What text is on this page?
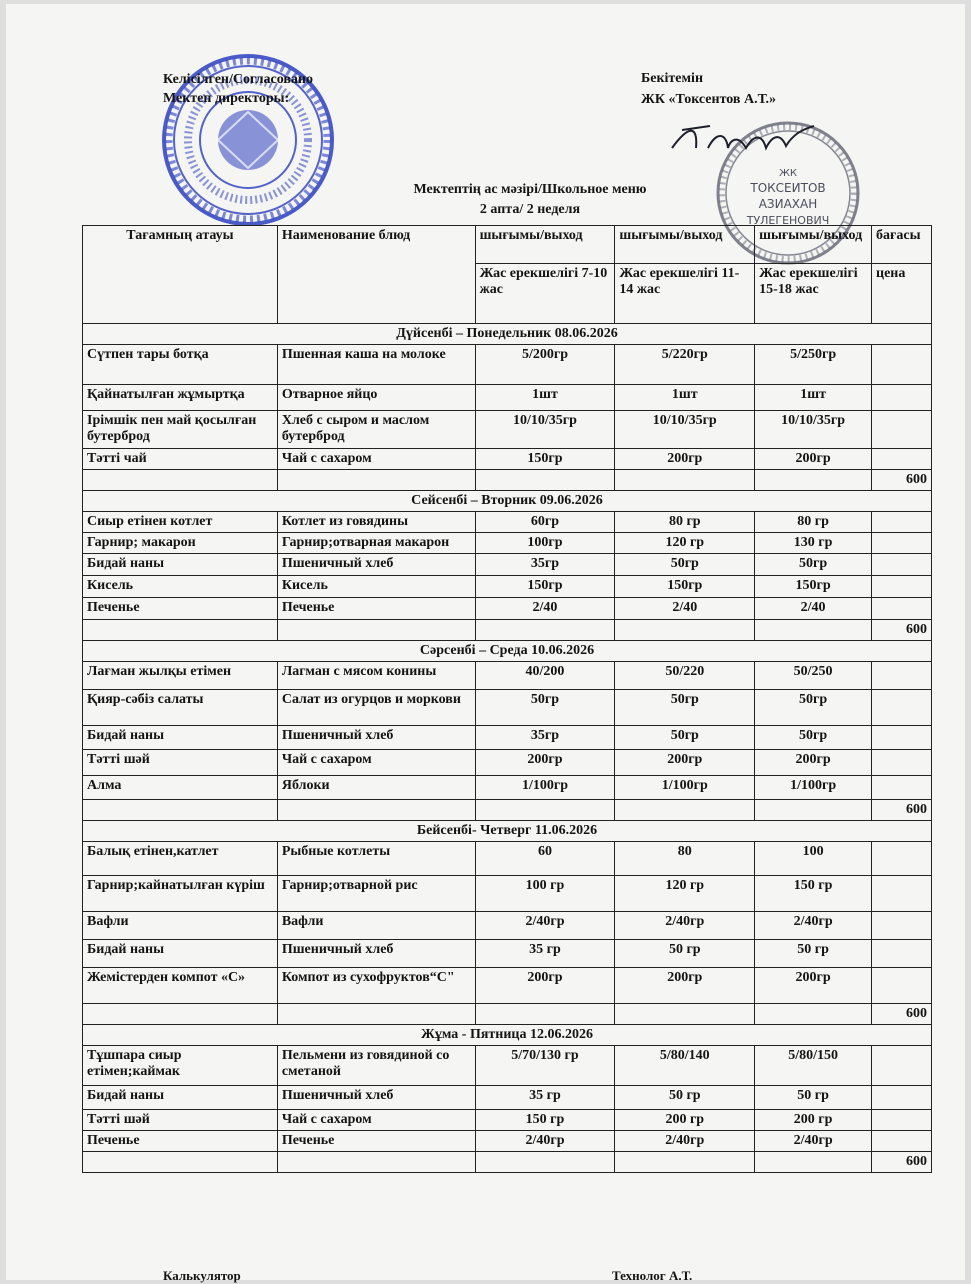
Келісілген/Согласовано
Мектеп директоры:
Бекітемін
ЖК «Токсентов А.Т.»
ЖК
ТОКСЕИТОВ
АЗИАХАН
ТУЛЕГЕНОВИЧ
Мектептің ас мәзірі/Школьное меню
2 апта/ 2 неделя
Тағамның атауы	Наименование блюд	шығымы/выход	шығымы/выход	шығымы/выход	бағасы
		Жас ерекшелігі 7-10 жас	Жас ерекшелігі 11-14 жас	Жас ерекшелігі 15-18 жас	цена
Дүйсенбі – Понедельник 08.06.2026					
Сүтпен тары ботқа	Пшенная каша на молоке	5/200гр	5/220гр	5/250гр	
Қайнатылған жұмыртқа	Отварное яйцо	1шт	1шт	1шт	
Ірімшік пен май қосылған бутерброд	Хлеб с сыром и маслом бутерброд	10/10/35гр	10/10/35гр	10/10/35гр	
Тәтті чай	Чай с сахаром	150гр	200гр	200гр	
					600
Сейсенбі – Вторник 09.06.2026					
Сиыр етінен котлет	Котлет из говядины	60гр	80 гр	80 гр	
Гарнир; макарон	Гарнир;отварная макарон	100гр	120 гр	130 гр	
Бидай наны	Пшеничный хлеб	35гр	50гр	50гр	
Кисель	Кисель	150гр	150гр	150гр	
Печенье	Печенье	2/40	2/40	2/40	
					600
Сәрсенбі – Среда 10.06.2026					
Лағман жылқы етімен	Лагман с мясом конины	40/200	50/220	50/250	
Қияр-сәбіз салаты	Салат из огурцов и моркови	50гр	50гр	50гр	
Бидай наны	Пшеничный хлеб	35гр	50гр	50гр	
Тәтті шәй	Чай с сахаром	200гр	200гр	200гр	
Алма	Яблоки	1/100гр	1/100гр	1/100гр	
					600
Бейсенбі- Четверг 11.06.2026					
Балық етінен,катлет	Рыбные котлеты	60	80	100	
Гарнир;кайнатылған күріш	Гарнир;отварной рис	100 гр	120 гр	150 гр	
Вафли	Вафли	2/40гр	2/40гр	2/40гр	
Бидай наны	Пшеничный хлеб	35 гр	50 гр	50 гр	
Жемістерден компот «С»	Компот из сухофруктов“С"	200гр	200гр	200гр	
					600
Жұма - Пятница 12.06.2026					
Тұшпара сиыр етімен;каймак	Пельмени из говядиной со сметаной	5/70/130 гр	5/80/140	5/80/150	
Бидай наны	Пшеничный хлеб	35 гр	50 гр	50 гр	
Тәтті шәй	Чай с сахаром	150 гр	200 гр	200 гр	
Печенье	Печенье	2/40гр	2/40гр	2/40гр	
					600
Калькулятор	Технолог А.Т.
